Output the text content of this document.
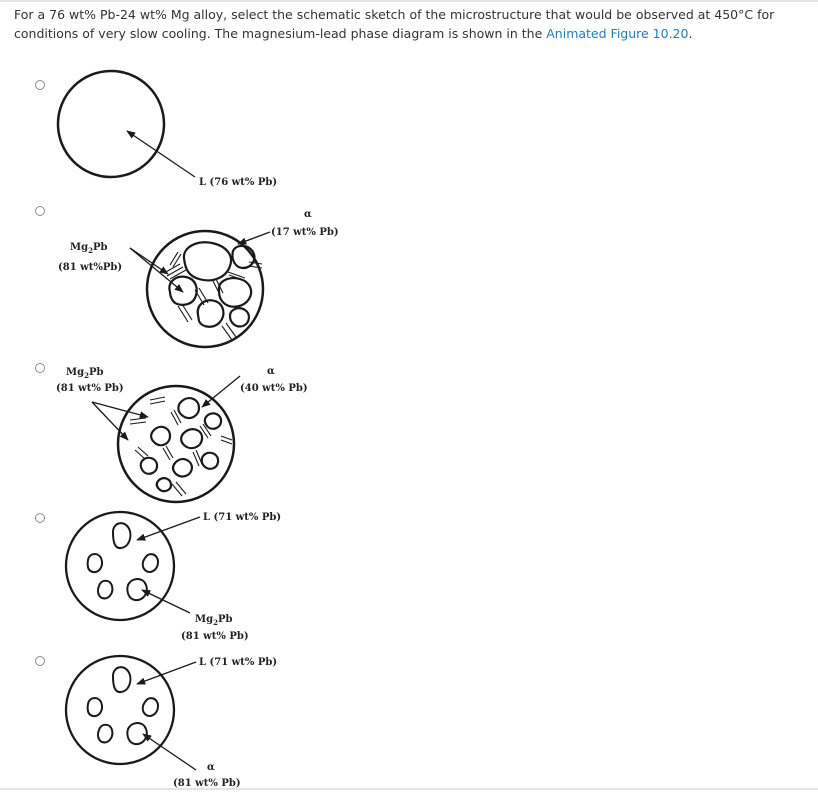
For a 76 wt% Pb-24 wt% Mg alloy, select the schematic sketch of the microstructure that would be observed at 450°C for conditions of very slow cooling. The magnesium-lead phase diagram is shown in the Animated Figure 10.20.
L (76 wt% Pb)
$Mg_2Pb$
(81 wt%Pb)
α
(17 wt% Pb)
$Mg_2Pb$
(81 wt% Pb)
α
(40 wt% Pb)
L (71 wt% Pb)
$Mg_2Pb$
(81 wt% Pb)
L (71 wt% Pb)
α
(81 wt% Pb)
